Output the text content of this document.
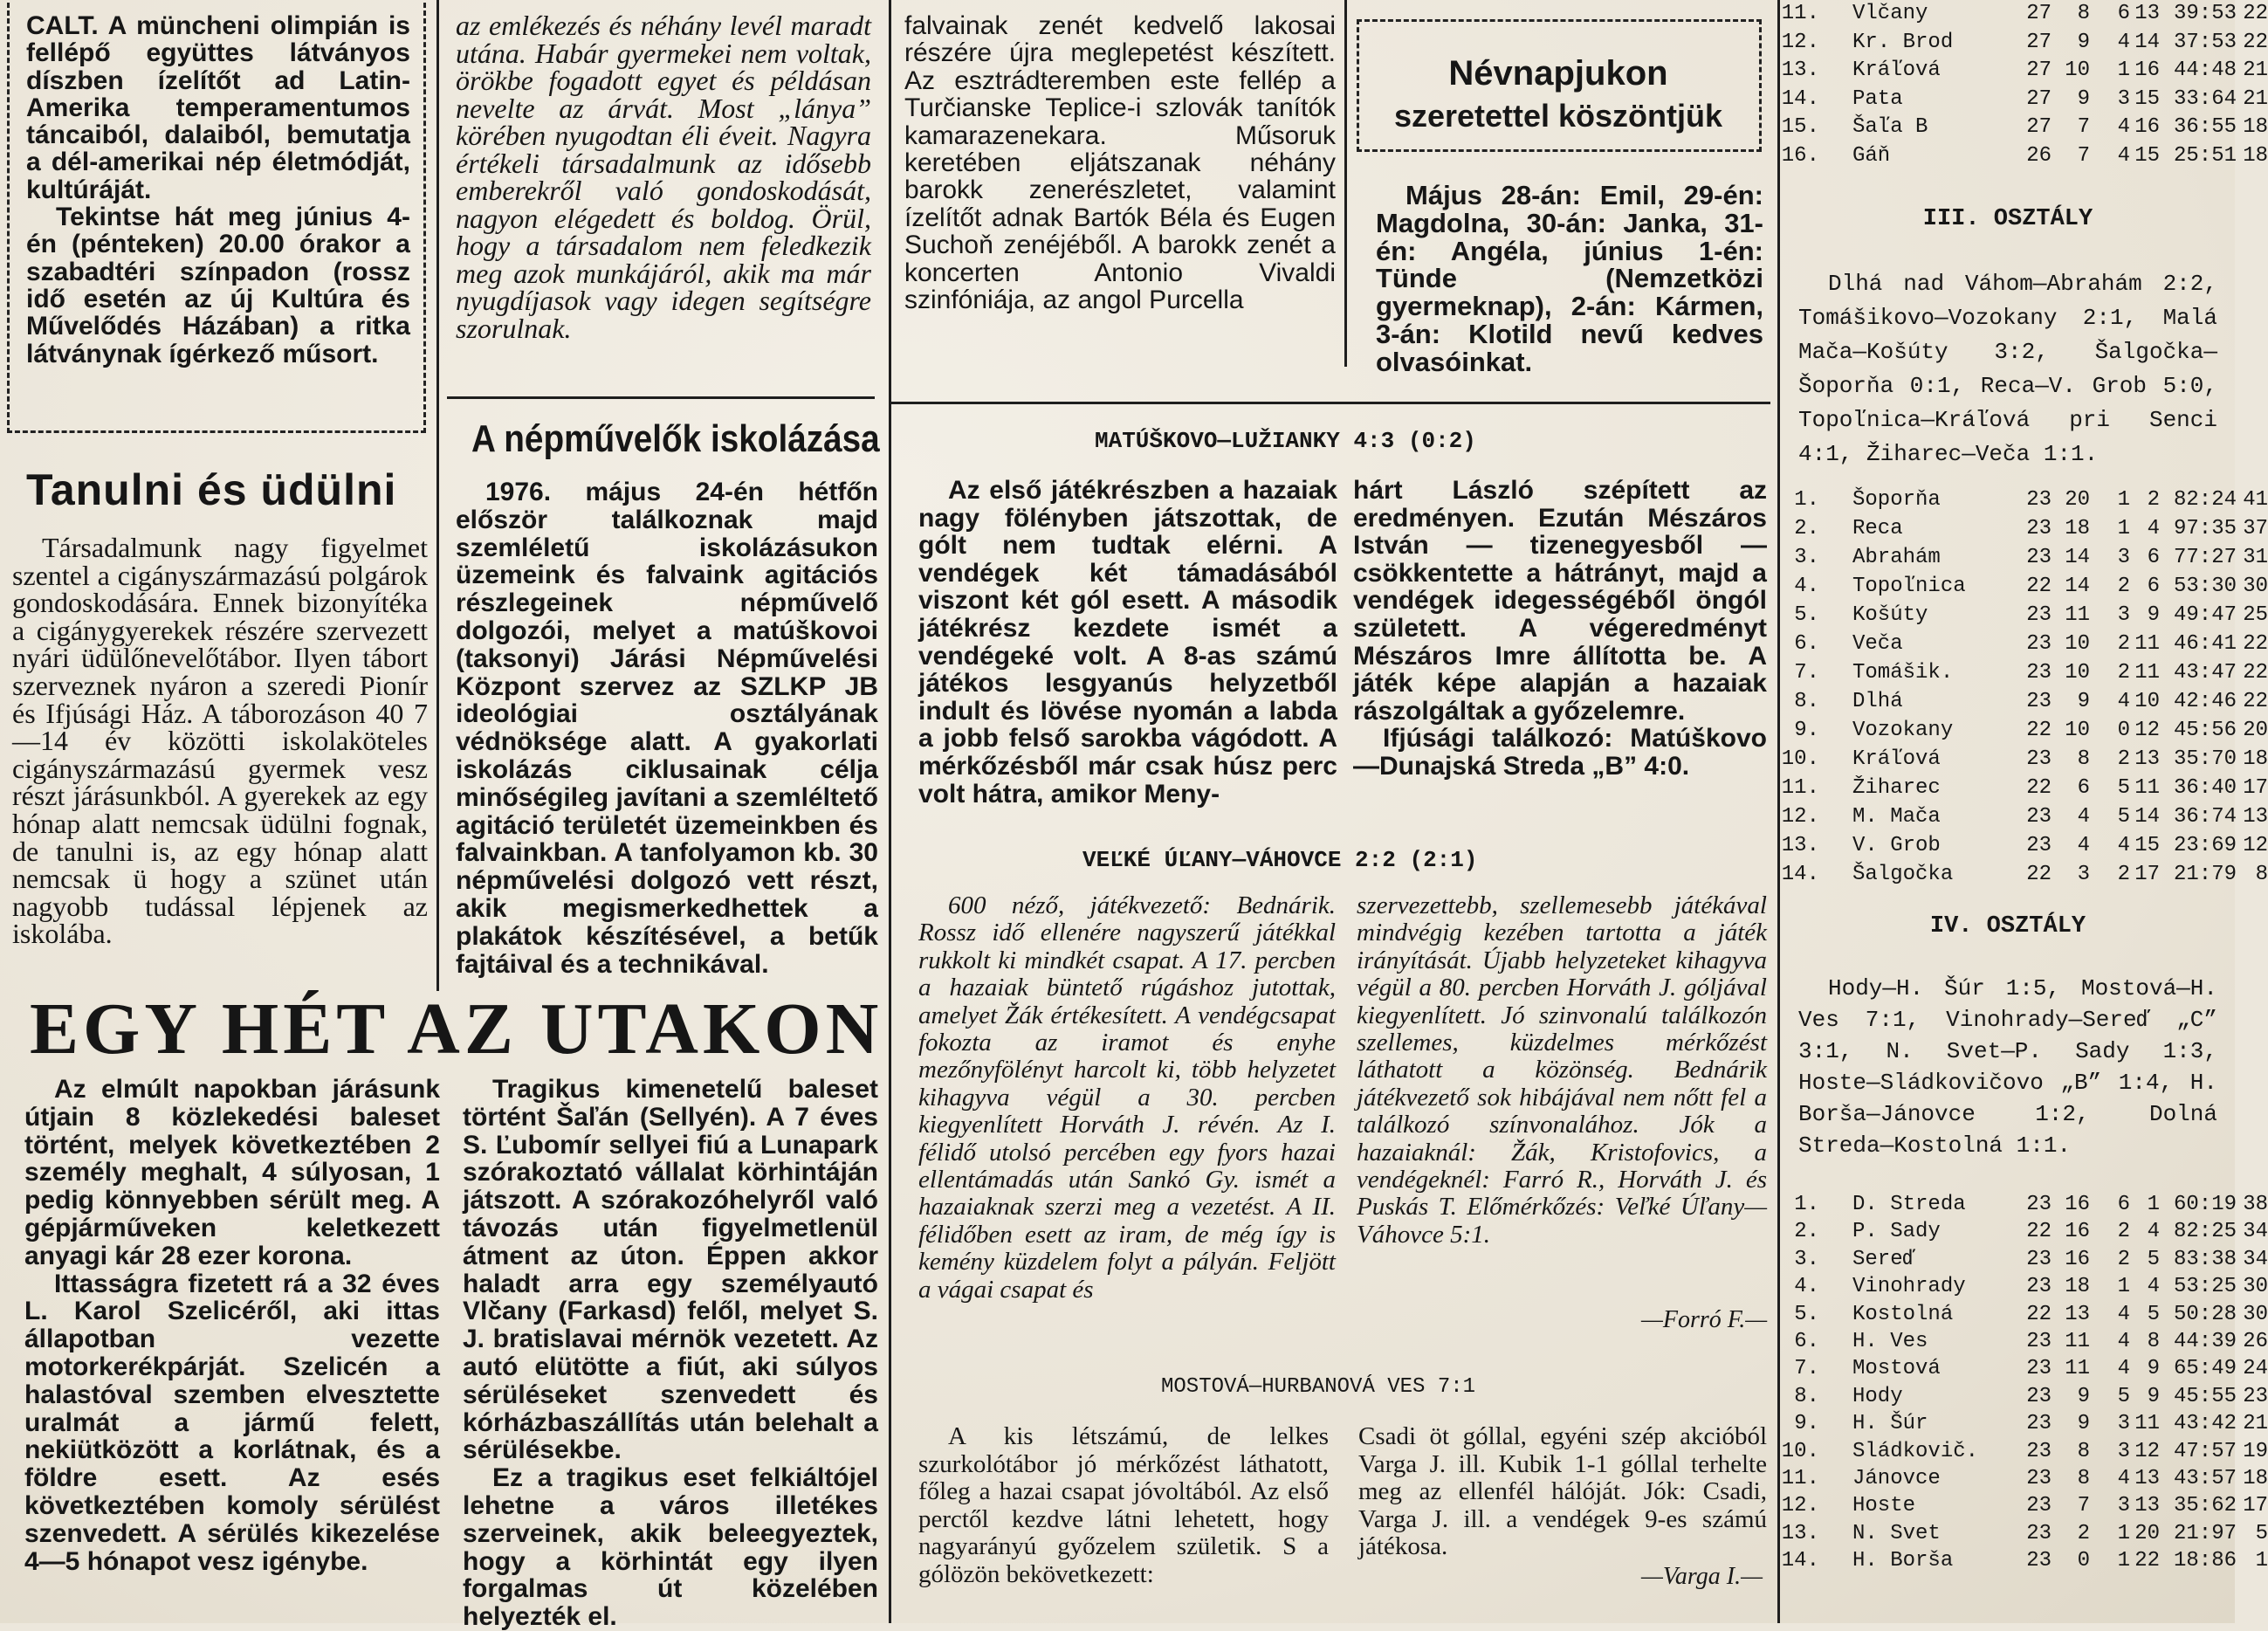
CALT. A müncheni olimpián is fellépő együttes látványos díszben ízelítőt ad Latin-Amerika temperamentumos táncaiból, dalaiból, bemutatja a dél-amerikai nép életmódját, kultúráját.

Tekintse hát meg június 4-én (pénteken) 20.00 órakor a szabadtéri színpadon (rossz idő esetén az új Kultúra és Művelődés Házában) a ritka látványnak ígérkező műsort.

Tanulni és üdülni

Társadalmunk nagy figyelmet szentel a cigányszármazású polgárok gondoskodására. Ennek bizonyítéka a cigánygyerekek részére szervezett nyári üdülőnevelőtábor. Ilyen tábort szerveznek nyáron a szeredi Pionír és Ifjúsági Ház. A táborozáson 40 7—14 év közötti iskolaköteles cigányszármazású gyermek vesz részt járásunkból. A gyerekek az egy hónap alatt nemcsak üdülni fognak, de tanulni is, az egy hónap alatt nemcsak ü hogy a szünet után nagyobb tudással lépjenek az iskolába.

az emlékezés és néhány levél maradt utána. Habár gyermekei nem voltak, örökbe fogadott egyet és példásan nevelte az árvát. Most „lánya” körében nyugodtan éli éveit. Nagyra értékeli társadalmunk az idősebb emberekről való gondoskodását, nagyon elégedett és boldog. Örül, hogy a társadalom nem feledkezik meg azok munkájáról, akik ma már nyugdíjasok vagy idegen segítségre szorulnak.

A népművelők iskolázása

1976. május 24-én hétfőn először találkoznak majd szemléletű iskolázásukon üzemeink és falvaink agitációs részlegeinek népművelő dolgozói, melyet a matúškovoi (taksonyi) Járási Népművelési Központ szervez az SZLKP JB ideológiai osztályának védnöksége alatt. A gyakorlati iskolázás ciklusainak célja minőségileg javítani a szemléltető agitáció területét üzemeinkben és falvainkban. A tanfolyamon kb. 30 népművelési dolgozó vett részt, akik megismerkedhettek a plakátok készítésével, a betűk fajtáival és a technikával.

EGY HÉT AZ UTAKON

Az elmúlt napokban járásunk útjain 8 közlekedési baleset történt, melyek következtében 2 személy meghalt, 4 súlyosan, 1 pedig könnyebben sérült meg. A gépjárműveken keletkezett anyagi kár 28 ezer korona.

Ittasságra fizetett rá a 32 éves L. Karol Szelicéről, aki ittas állapotban vezette motorkerékpárját. Szelicén a halastóval szemben elvesztette uralmát a jármű felett, nekiütközött a korlátnak, és a földre esett. Az esés következtében komoly sérülést szenvedett. A sérülés kikezelése 4—5 hónapot vesz igénybe.

Tragikus kimenetelű baleset történt Šaľán (Sellyén). A 7 éves S. Ľubomír sellyei fiú a Lunapark szórakoztató vállalat körhintáján játszott. A szórakozóhelyről való távozás után figyelmetlenül átment az úton. Éppen akkor haladt arra egy személyautó Vlčany (Farkasd) felől, melyet S. J. bratislavai mérnök vezetett. Az autó elütötte a fiút, aki súlyos sérüléseket szenvedett és kórházbaszállítás után belehalt a sérülésekbe.

Ez a tragikus eset felkiáltójel lehetne a város illetékes szerveinek, akik beleegyeztek, hogy a körhintát egy ilyen forgalmas út közelében helyezték el.

falvainak zenét kedvelő lakosai részére újra meglepetést készített. Az esztrádteremben este fellép a Turčianske Teplice-i szlovák tanítók kamarazenekara. Műsoruk keretében eljátszanak néhány barokk zenerészletet, valamint ízelítőt adnak Bartók Béla és Eugen Suchoň zenéjéből. A barokk zenét a koncerten Antonio Vivaldi szinfóniája, az angol Purcella

Névnapjukon
szeretettel köszöntjük

Május 28-án: Emil, 29-én: Magdolna, 30-án: Janka, 31-én: Angéla, június 1-én: Tünde (Nemzetközi gyermeknap), 2-án: Kármen, 3-án: Klotild nevű kedves olvasóinkat.

MATÚŠKOVO—LUŽIANKY 4:3 (0:2)

Az első játékrészben a hazaiak nagy fölényben játszottak, de gólt nem tudtak elérni. A vendégek két támadásából viszont két gól esett. A második játékrész kezdete ismét a vendégeké volt. A 8-as számú játékos lesgyanús helyzetből indult és lövése nyomán a labda a jobb felső sarokba vágódott. A mérkőzésből már csak húsz perc volt hátra, amikor Meny-

hárt László szépített az eredményen. Ezután Mészáros István — tizenegyesből — csökkentette a hátrányt, majd a vendégek idegességéből öngól született. A végeredményt Mészáros Imre állította be. A játék képe alapján a hazaiak rászolgáltak a győzelemre.

Ifjúsági találkozó: Matúškovo —Dunajská Streda „B” 4:0.

VEĽKÉ ÚĽANY—VÁHOVCE 2:2 (2:1)

600 néző, játékvezető: Bednárik. Rossz idő ellenére nagyszerű játékkal rukkolt ki mindkét csapat. A 17. percben a hazaiak büntető rúgáshoz jutottak, amelyet Žák értékesített. A vendégcsapat fokozta az iramot és enyhe mezőnyfölényt harcolt ki, több helyzetet kihagyva végül a 30. percben kiegyenlített Horváth J. révén. Az I. félidő utolsó percében egy fyors hazai ellentámadás után Sankó Gy. ismét a hazaiaknak szerzi meg a vezetést. A II. félidőben esett az iram, de még így is kemény küzdelem folyt a pályán. Feljött a vágai csapat és

szervezettebb, szellemesebb játékával mindvégig kezében tartotta a játék irányítását. Újabb helyzeteket kihagyva végül a 80. percben Horváth J. góljával kiegyenlített. Jó szinvonalú találkozón szellemes, küzdelmes mérkőzést láthatott a közönség. Bednárik játékvezető sok hibájával nem nőtt fel a találkozó színvonalához. Jók a hazaiaknál: Žák, Kristofovics, a vendégeknél: Farró R., Horváth J. és Puskás T. Előmérkőzés: Veľké Úľany—Váhovce 5:1.

—Forró F.—
MOSTOVÁ—HURBANOVÁ VES 7:1

A kis létszámú, de lelkes szurkolótábor jó mérkőzést láthatott, főleg a hazai csapat jóvoltából. Az első perctől kezdve látni lehetett, hogy nagyarányú győzelem születik. S a gólözön bekövetkezett:

Csadi öt góllal, egyéni szép akcióból Varga J. ill. Kubik 1-1 góllal terhelte meg az ellenfél hálóját. Jók: Csadi, Varga J. ill. a vendégek 9-es számú játékosa.

—Varga I.—
11. Vlčany	27 8 6 13 39:53 22
12. Kr. Brod	27 9 4 14 37:53 22
13. Kráľová	27 10 1 16 44:48 21
14. Pata	27 9 3 15 33:64 21
15. Šaľa B	27 7 4 16 36:55 18
16. Gáň	26 7 4 15 25:51 18
III. OSZTÁLY

Dlhá nad Váhom—Abrahám 2:2, Tomášikovo—Vozokany 2:1, Malá Mača—Košúty 3:2, Šalgočka—Šoporňa 0:1, Reca—V. Grob 5:0, Topoľnica—Kráľová pri Senci 4:1, Žiharec—Veča 1:1.

1. Šoporňa	23 20 1 2 82:24 41
2. Reca	23 18 1 4 97:35 37
3. Abrahám	23 14 3 6 77:27 31
4. Topoľnica	22 14 2 6 53:30 30
5. Košúty	23 11 3 9 49:47 25
6. Veča	23 10 2 11 46:41 22
7. Tomášik.	23 10 2 11 43:47 22
8. Dlhá	23 9 4 10 42:46 22
9. Vozokany	22 10 0 12 45:56 20
10. Kráľová	23 8 2 13 35:70 18
11. Žiharec	22 6 5 11 36:40 17
12. M. Mača	23 4 5 14 36:74 13
13. V. Grob	23 4 4 15 23:69 12
14. Šalgočka	22 3 2 17 21:79 8
IV. OSZTÁLY

Hody—H. Šúr 1:5, Mostová—H. Ves 7:1, Vinohrady—Sereď „C” 3:1, N. Svet—P. Sady 1:3, Hoste—Sládkovičovo „B” 1:4, H. Borša—Jánovce 1:2, Dolná Streda—Kostolná 1:1.

1. D. Streda	23 16 6 1 60:19 38
2. P. Sady	22 16 2 4 82:25 34
3. Sereď	23 16 2 5 83:38 34
4. Vinohrady	23 18 1 4 53:25 30
5. Kostolná	22 13 4 5 50:28 30
6. H. Ves	23 11 4 8 44:39 26
7. Mostová	23 11 4 9 65:49 24
8. Hody	23 9 5 9 45:55 23
9. H. Šúr	23 9 3 11 43:42 21
10. Sládkovič. 23 8 3 12 47:57 19
11. Jánovce	23 8 4 13 43:57 18
12. Hoste	23 7 3 13 35:62 17
13. N. Svet	23 2 1 20 21:97 5
14. H. Borša	23 0 1 22 18:86 1
